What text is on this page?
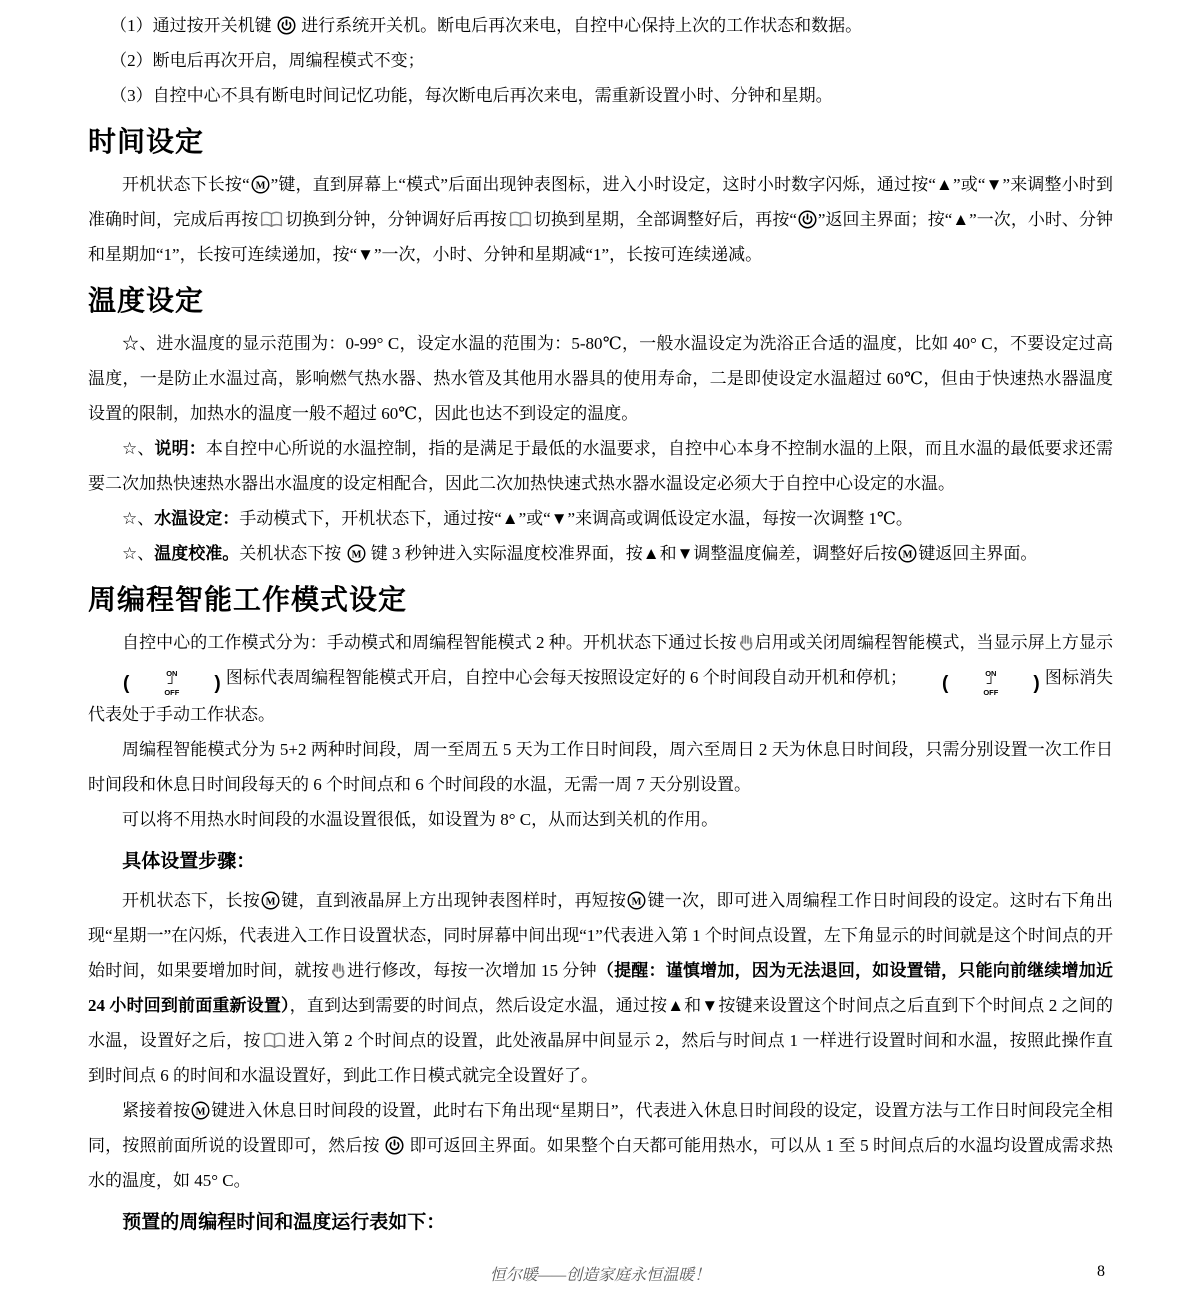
（1）通过按开关机键
进行系统开关机。断电后再次来电，自控中心保持上次的工作状态和数据。

（2）断电后再次开启，周编程模式不变；

（3）自控中心不具有断电时间记忆功能，每次断电后再次来电，需重新设置小时、分钟和星期。

时间设定

开机状态下长按“ M ”键，直到屏幕上“模式”后面出现钟表图标，进入小时设定，这时小时数字闪烁，通过按“▲”或“▼”来调整小时到准确时间，完成后再按 切换到分钟，分钟调好后再按 切换到星期，全部调整好后，再按“ ”返回主界面；按“▲”一次，小时、分钟和星期加“1”，长按可连续递加，按“▼”一次，小时、分钟和星期减“1”，长按可连续递减。

温度设定

☆、进水温度的显示范围为：0-99° C，设定水温的范围为：5-80℃，一般水温设定为洗浴正合适的温度，比如 40° C，不要设定过高温度，一是防止水温过高，影响燃气热水器、热水管及其他用水器具的使用寿命，二是即使设定水温超过 60℃，但由于快速热水器温度设置的限制，加热水的温度一般不超过 60℃，因此也达不到设定的温度。

☆、说明：本自控中心所说的水温控制，指的是满足于最低的水温要求，自控中心本身不控制水温的上限，而且水温的最低要求还需要二次加热快速热水器出水温度的设定相配合，因此二次加热快速式热水器水温设定必须大于自控中心设定的水温。

☆、水温设定：手动模式下，开机状态下，通过按“▲”或“▼”来调高或调低设定水温，每按一次调整 1℃。

☆、温度校准。关机状态下按 M 键 3 秒钟进入实际温度校准界面，按▲和▼调整温度偏差，调整好后按 M 键返回主界面。

周编程智能工作模式设定

自控中心的工作模式分为：手动模式和周编程智能模式 2 种。开机状态下通过长按 启用或关闭周编程智能模式，当显示屏上方显示
(	ON
┘
OFF	) 图标代表周编程智能模式开启，自控中心会每天按照设定好的 6 个时间段自动开机和停机；	(	ON
┘
OFF	) 图标消失代表处于手动工作状态。

周编程智能模式分为 5+2 两种时间段，周一至周五 5 天为工作日时间段，周六至周日 2 天为休息日时间段，只需分别设置一次工作日时间段和休息日时间段每天的 6 个时间点和 6 个时间段的水温，无需一周 7 天分别设置。

可以将不用热水时间段的水温设置很低，如设置为 8° C，从而达到关机的作用。

具体设置步骤：

开机状态下，长按 M 键，直到液晶屏上方出现钟表图样时，再短按 M 键一次，即可进入周编程工作日时间段的设定。这时右下角出现“星期一”在闪烁，代表进入工作日设置状态，同时屏幕中间出现“1”代表进入第 1 个时间点设置，左下角显示的时间就是这个时间点的开始时间，如果要增加时间，就按 进行修改，每按一次增加 15 分钟（提醒：谨慎增加，因为无法退回，如设置错，只能向前继续增加近 24 小时回到前面重新设置），直到达到需要的时间点，然后设定水温，通过按▲和▼按键来设置这个时间点之后直到下个时间点 2 之间的水温，设置好之后，按 进入第 2 个时间点的设置，此处液晶屏中间显示 2，然后与时间点 1 一样进行设置时间和水温，按照此操作直到时间点 6 的时间和水温设置好，到此工作日模式就完全设置好了。

紧接着按 M 键进入休息日时间段的设置，此时右下角出现“星期日”，代表进入休息日时间段的设定，设置方法与工作日时间段完全相同，按照前面所说的设置即可，然后按
即可返回主界面。如果整个白天都可能用热水，可以从 1 至 5 时间点后的水温均设置成需求热水的温度，如 45° C。

预置的周编程时间和温度运行表如下：

恒尔暖——创造家庭永恒温暖！	8
